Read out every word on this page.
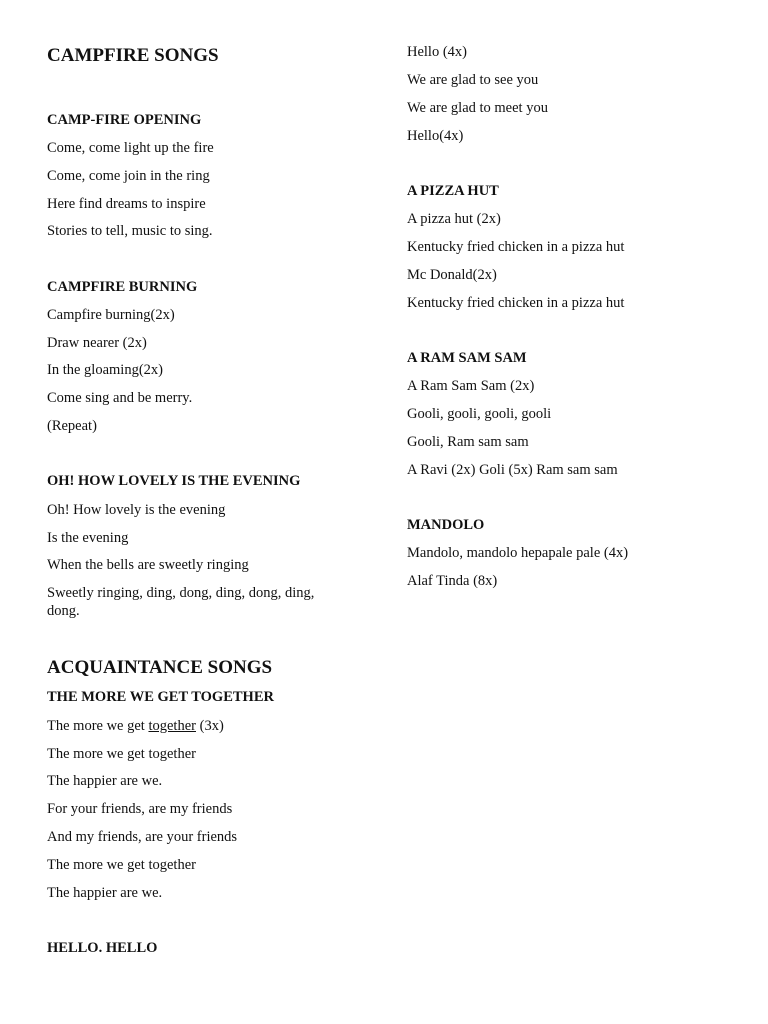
CAMPFIRE SONGS
CAMP-FIRE OPENING
Come, come light up the fire
Come, come join in the ring
Here find dreams to inspire
Stories to tell, music to sing.
CAMPFIRE BURNING
Campfire burning(2x)
Draw nearer (2x)
In the gloaming(2x)
Come sing and be merry.
(Repeat)
OH! HOW LOVELY IS THE EVENING
Oh! How lovely is the evening
Is the evening
When the bells are sweetly ringing
Sweetly ringing, ding, dong, ding, dong, ding, dong.
ACQUAINTANCE SONGS
THE MORE WE GET TOGETHER
The more we get together (3x)
The more we get together
The happier are we.
For your friends, are my friends
And my friends, are your friends
The more we get together
The happier are we.
HELLO. HELLO
Hello (4x)
We are glad to see you
We are glad to meet you
Hello(4x)
A PIZZA HUT
A pizza hut (2x)
Kentucky fried chicken in a pizza hut
Mc Donald(2x)
Kentucky fried chicken in a pizza hut
A RAM SAM SAM
A Ram Sam Sam (2x)
Gooli, gooli, gooli, gooli
Gooli, Ram sam sam
A Ravi (2x) Goli (5x) Ram sam sam
MANDOLO
Mandolo, mandolo hepapale pale (4x)
Alaf Tinda (8x)
